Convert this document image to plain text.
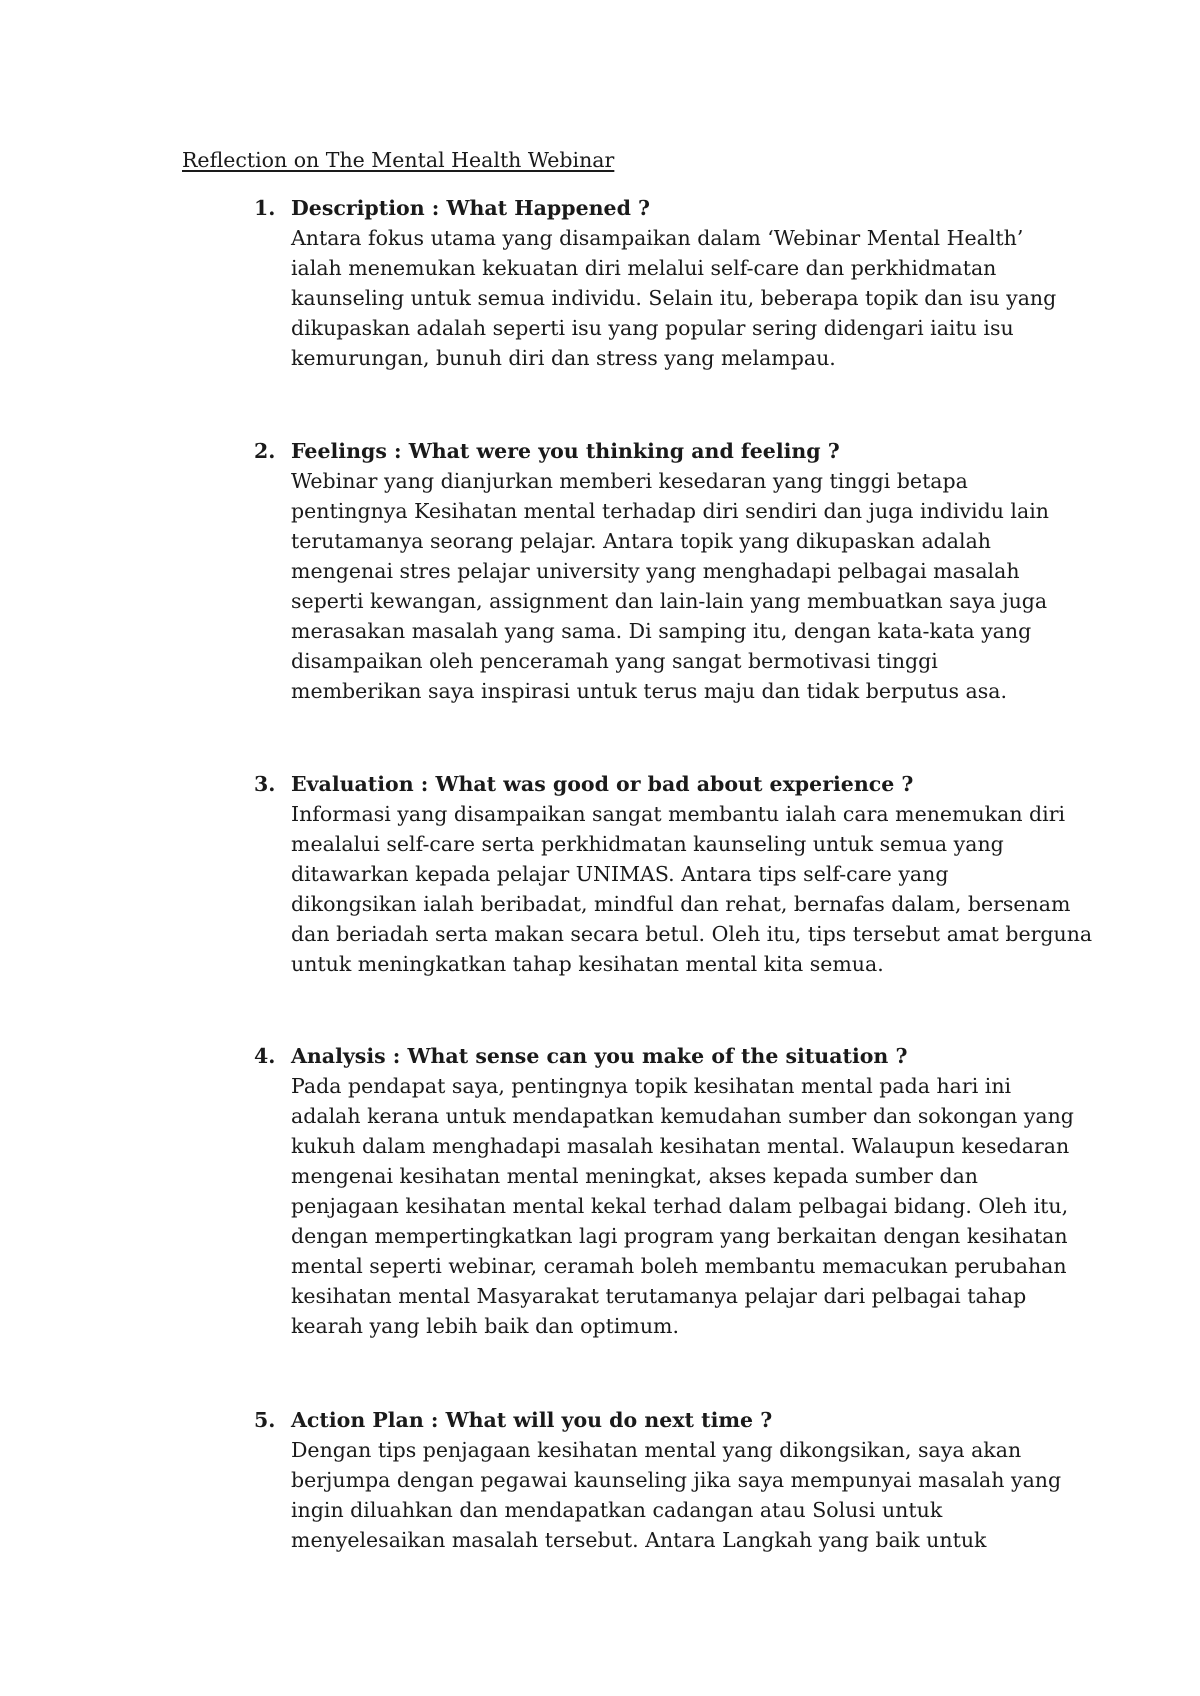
Reflection on The Mental Health Webinar
1. Description : What Happened ?
Antara fokus utama yang disampaikan dalam ‘Webinar Mental Health’
ialah menemukan kekuatan diri melalui self-care dan perkhidmatan
kaunseling untuk semua individu. Selain itu, beberapa topik dan isu yang
dikupaskan adalah seperti isu yang popular sering didengari iaitu isu
kemurungan, bunuh diri dan stress yang melampau.
2. Feelings : What were you thinking and feeling ?
Webinar yang dianjurkan memberi kesedaran yang tinggi betapa
pentingnya Kesihatan mental terhadap diri sendiri dan juga individu lain
terutamanya seorang pelajar. Antara topik yang dikupaskan adalah
mengenai stres pelajar university yang menghadapi pelbagai masalah
seperti kewangan, assignment dan lain-lain yang membuatkan saya juga
merasakan masalah yang sama. Di samping itu, dengan kata-kata yang
disampaikan oleh penceramah yang sangat bermotivasi tinggi
memberikan saya inspirasi untuk terus maju dan tidak berputus asa.
3. Evaluation : What was good or bad about experience ?
Informasi yang disampaikan sangat membantu ialah cara menemukan diri
mealalui self-care serta perkhidmatan kaunseling untuk semua yang
ditawarkan kepada pelajar UNIMAS. Antara tips self-care yang
dikongsikan ialah beribadat, mindful dan rehat, bernafas dalam, bersenam
dan beriadah serta makan secara betul. Oleh itu, tips tersebut amat berguna
untuk meningkatkan tahap kesihatan mental kita semua.
4. Analysis : What sense can you make of the situation ?
Pada pendapat saya, pentingnya topik kesihatan mental pada hari ini
adalah kerana untuk mendapatkan kemudahan sumber dan sokongan yang
kukuh dalam menghadapi masalah kesihatan mental. Walaupun kesedaran
mengenai kesihatan mental meningkat, akses kepada sumber dan
penjagaan kesihatan mental kekal terhad dalam pelbagai bidang. Oleh itu,
dengan mempertingkatkan lagi program yang berkaitan dengan kesihatan
mental seperti webinar, ceramah boleh membantu memacukan perubahan
kesihatan mental Masyarakat terutamanya pelajar dari pelbagai tahap
kearah yang lebih baik dan optimum.
5. Action Plan : What will you do next time ?
Dengan tips penjagaan kesihatan mental yang dikongsikan, saya akan
berjumpa dengan pegawai kaunseling jika saya mempunyai masalah yang
ingin diluahkan dan mendapatkan cadangan atau Solusi untuk
menyelesaikan masalah tersebut. Antara Langkah yang baik untuk
